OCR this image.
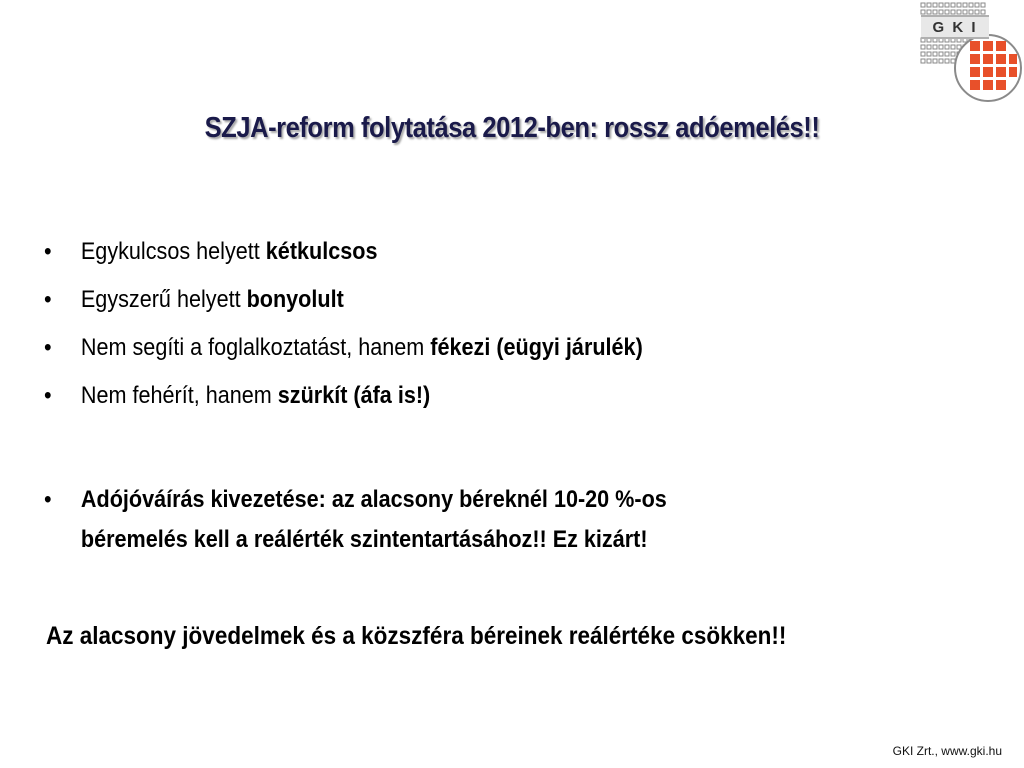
G K I
SZJA-reform folytatása 2012-ben: rossz adóemelés!!
•	Egykulcsos helyett kétkulcsos
•	Egyszerű helyett bonyolult
•	Nem segíti a foglalkoztatást, hanem fékezi (eügyi járulék)
•	Nem fehérít, hanem szürkít (áfa is!)
•	Adójóváírás kivezetése: az alacsony béreknél 10-20 %-os
béremelés kell a reálérték szintentartásához!! Ez kizárt!
Az alacsony jövedelmek és a közszféra béreinek reálértéke csökken!!
GKI Zrt., www.gki.hu
